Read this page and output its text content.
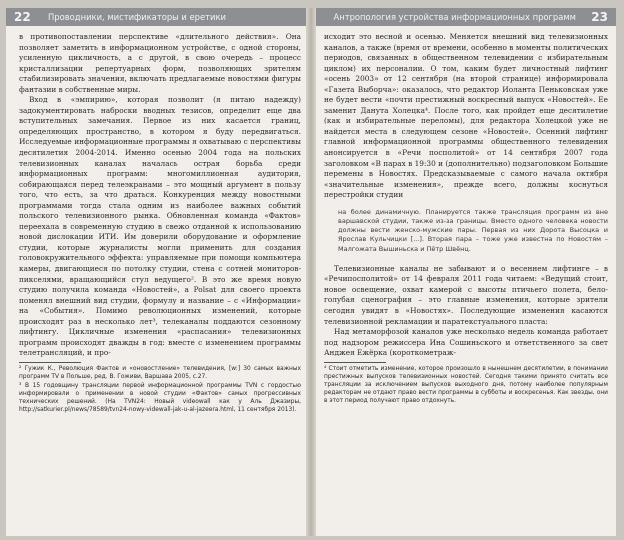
22 Проводники, мистификаторы и еретики

в противопоставлении перспективе «длительного действия». Она позволяет заметить в информационном устройстве, с одной стороны, усиленную цикличность, а с другой, в свою очередь – процесс кристаллизации репертуарных форм, позволяющих зрителям стабилизировать значения, включать предлагаемые новостями фигуры фантазии в собственные миры.

Вход в «эмпирию», которая позволит (я питаю надежду) задокументировать наброски вводных тезисов, определит еще два вступительных замечания. Первое из них касается границ, определяющих пространство, в котором я буду передвигаться. Исследуемые информационные программы я охватываю с перспективы десятилетия 2004-2014. Именно осенью 2004 года на польских телевизионных каналах началась острая борьба среди информационных программ: многомиллионная аудитория, собирающаяся перед телеэкранами – это мощный аргумент в пользу того, что есть, за что драться. Конкуренция между новостными программами тогда стала одним из наиболее важных событий польского телевизионного рынка. Обновленная команда «Фактов» переехала в современную студию в свежо отданной к использованию новой дислокации ИТИ. Им доверили оборудование и оформление студии, которые журналисты могли применить для создания головокружительного эффекта: управляемые при помощи компьютера камеры, двигающиеся по потолку студии, стена с сотней мониторов-пикселями, вращающийся стул ведущего². В это же время новую студию получила команда «Новостей», а Polsat для своего проекта поменял внешний вид студии, формулу и название – с «Информации» на «События». Помимо революционных изменений, которые происходят раз в несколько лет³, телеканалы поддаются сезонному лифтингу. Цикличные изменения «распасания» телевизионных программ происходят дважды в год: вместе с изменением программы телетрансляций, и про-

² Гужик К., Революция Фактов и «оновостление» телевидения, [w:] 30 самых важных программ TV в Польше, ред. В. Гоживи, Варшава 2005, с.27.

³ В 15 годовщину трансляции первой информационной программы TVN с гордостью информировали о применении в новой студии «Фактов» самых прогрессивных технических решений. (На TVN24: Новый videowall как у Аль Джазиры, http://satkurier.pl/news/78589/tvn24-nowy-videwall-jak-u-al-jazeera.html, 11 сентября 2013).

Антропология устройства информационных программ 23

исходит это весной и осенью. Меняется внешний вид телевизионных каналов, а также (время от времени, особенно в моменты политических периодов, связанных в общественном телевидении с избирательным циклом) их персоналии. О том, каким будет личностный лифтинг «осень 2003» от 12 сентября (на второй странице) информировала «Газета Выборча»: оказалось, что редактор Иоланта Пеньковская уже не будет вести «почти престижный воскресный выпуск «Новостей». Ее заменит Данута Холецка⁴. После того, как пройдет еще десятилетие (как и избирательные переломы), для редактора Холецкой уже не найдется места в следующем сезоне «Новостей». Осенний лифтинг главной информационной программы общественного телевидения анонсируется в «Речи посполитой» от 14 сентября 2007 года заголовком «В парах в 19:30 и (дополнительно) подзаголовком Большие перемены в Новостях. Предсказываемые с самого начала октября «значительные изменения», прежде всего, должны коснуться перестройки студии

на более динамичную. Планируется также трансляция программ из вне варшавской студии, также из-за границы. Вместо одного человека новости должны вести женско-мужские пары. Первая из них Дорота Высоцка и Ярослав Кульчицки [...]. Вторая пара – тоже уже известна по Новостям – Малгожата Вышиньска и Пётр Швёнц.

Телевизионные каналы не забывают и о весеннем лифтинге – в «Речипосполитой» от 14 февраля 2011 года читаем: «Ведущий стоит, новое освещение, охват камерой с высоты птичьего полета, бело-голубая сценография – это главные изменения, которые зрители сегодня увидят в «Новостях». Последующие изменения касаются телевизионной рекламации и паратекстуального пласта:

Над метаморфозой каналов уже несколько недель команда работает под надзором режиссера Ина Сошиньского и ответственного за свет Анджея Ежёрка (короткометраж-

⁴ Стоит отметить изменение, которое произошло в нынешнем десятилетии, в понимании престижных выпусков телевизионных новостей. Сегодня такими принято считать все трансляции за исключением выпусков выходного дня, потому наиболее популярным редакторам не отдают право вести программы в субботы и воскресенья. Как звезды, они в этот период получают право отдохнуть.
